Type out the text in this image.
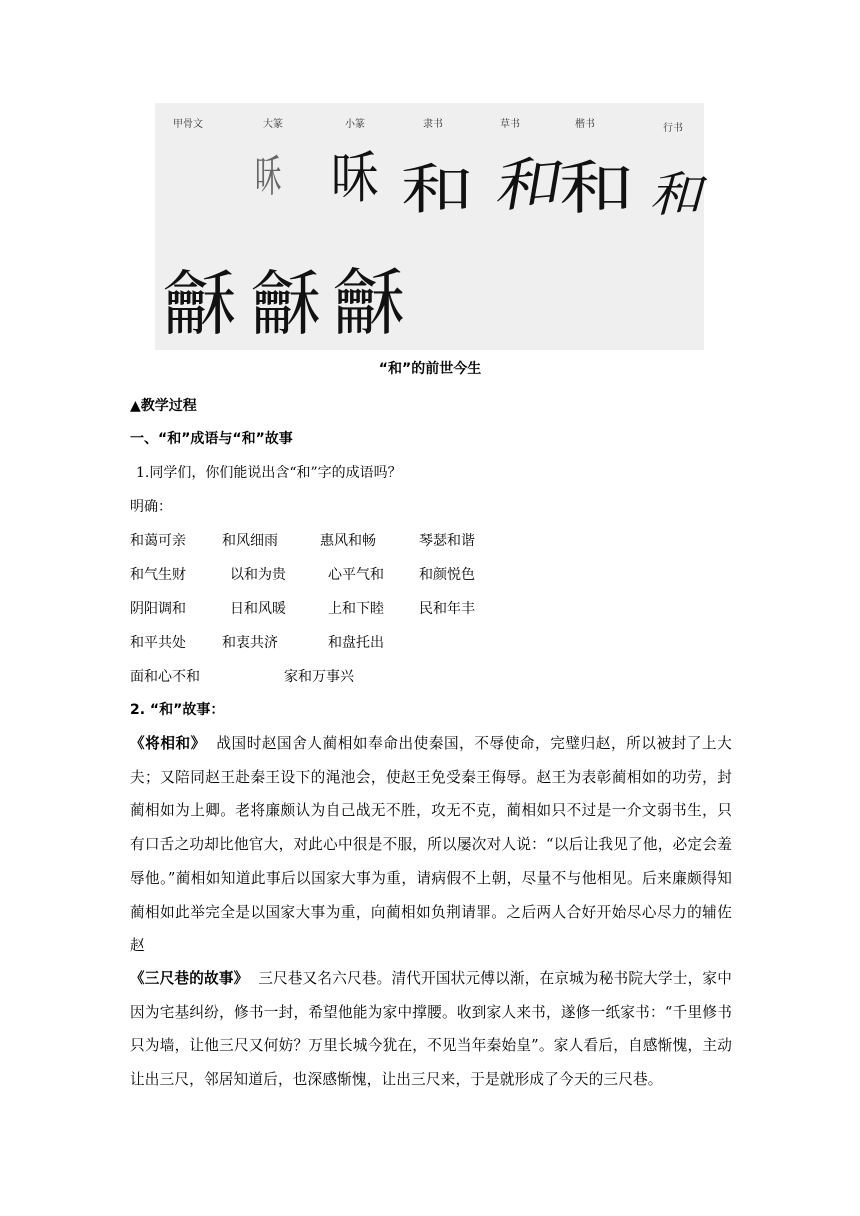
甲骨文	大篆	小篆	隶书	草书	楷书	行书
咊 咊 和 和
和 和
龢 龢 龢
“和”的前世今生
▲教学过程
一、“和”成语与“和”故事
1.同学们，你们能说出含“和”字的成语吗？
明确：
和蔼可亲	和风细雨	惠风和畅	琴瑟和谐
和气生财	以和为贵	心平气和	和颜悦色
阴阳调和	日和风暖	上和下睦	民和年丰
和平共处	和衷共济	和盘托出
面和心不和	家和万事兴
2. “和”故事：
《将相和》 战国时赵国舍人蔺相如奉命出使秦国，不辱使命，完璧归赵，所以被封了上大夫；又陪同赵王赴秦王设下的渑池会，使赵王免受秦王侮辱。赵王为表彰蔺相如的功劳，封蔺相如为上卿。老将廉颇认为自己战无不胜，攻无不克，蔺相如只不过是一介文弱书生，只有口舌之功却比他官大，对此心中很是不服，所以屡次对人说：“以后让我见了他，必定会羞辱他。”蔺相如知道此事后以国家大事为重，请病假不上朝，尽量不与他相见。后来廉颇得知蔺相如此举完全是以国家大事为重，向蔺相如负荆请罪。之后两人合好开始尽心尽力的辅佐赵
《三尺巷的故事》 三尺巷又名六尺巷。清代开国状元傅以渐，在京城为秘书院大学士，家中因为宅基纠纷，修书一封，希望他能为家中撑腰。收到家人来书，遂修一纸家书：“千里修书只为墙，让他三尺又何妨？万里长城今犹在，不见当年秦始皇”。家人看后，自感惭愧，主动让出三尺，邻居知道后，也深感惭愧，让出三尺来，于是就形成了今天的三尺巷。
